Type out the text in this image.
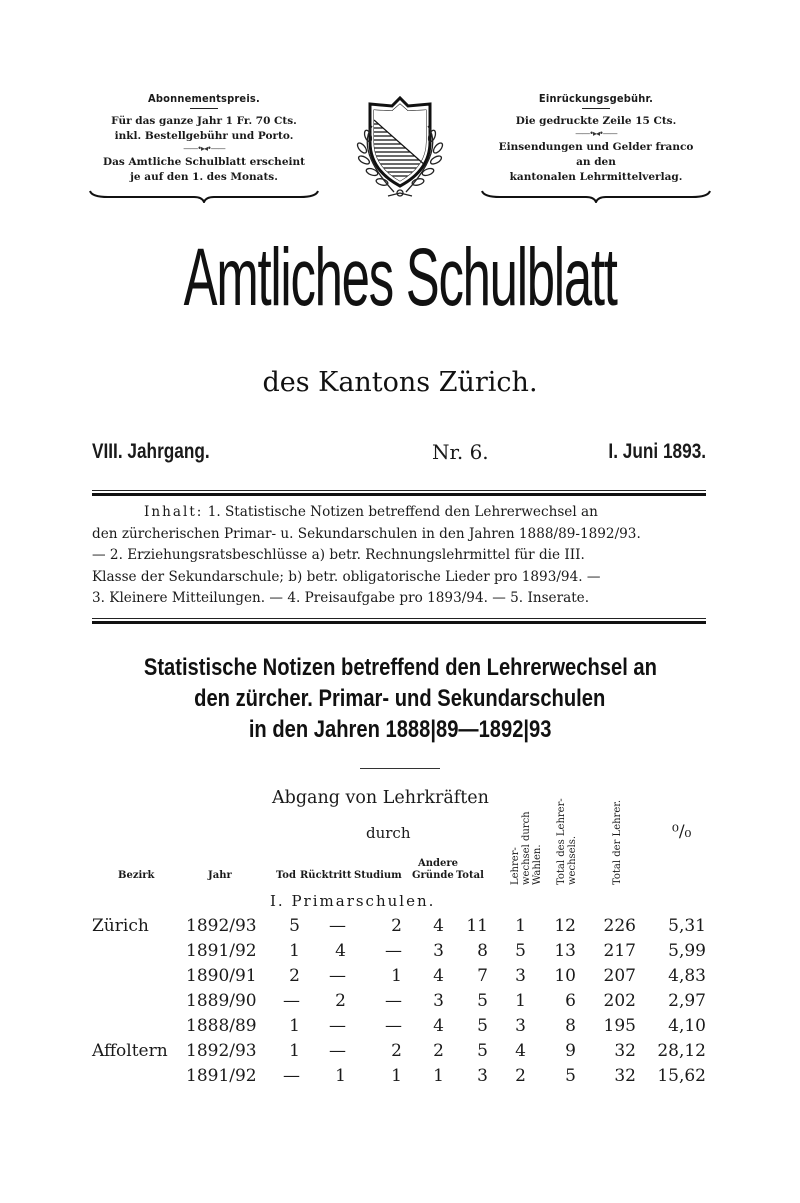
Abonnementspreis.
Für das ganze Jahr 1 Fr. 70 Cts.
inkl. Bestellgebühr und Porto.
——•▸◂•——
Das Amtliche Schulblatt erscheint
je auf den 1. des Monats.
Einrückungsgebühr.
Die gedruckte Zeile 15 Cts.
——•▸◂•——
Einsendungen und Gelder franco
an den
kantonalen Lehrmittelverlag.
Amtliches Schulblatt
des Kantons Zürich.
VIII. Jahrgang.	Nr. 6.	I. Juni 1893.
Inhalt: 1. Statistische Notizen betreffend den Lehrerwechsel an
den zürcherischen Primar- u. Sekundarschulen in den Jahren 1888/89-1892/93.
— 2. Erziehungsratsbeschlüsse a) betr. Rechnungslehrmittel für die III.
Klasse der Sekundarschule; b) betr. obligatorische Lieder pro 1893/94. —
3. Kleinere Mitteilungen. — 4. Preisaufgabe pro 1893/94. — 5. Inserate.
Statistische Notizen betreffend den Lehrerwechsel an
den zürcher. Primar- und Sekundarschulen
in den Jahren 1888|89—1892|93
Abgang von Lehrkräften
durch
Bezirk	Jahr	Tod Rücktritt Studium
Andere
Gründe Total	Lehrer- wechsel durch Wahlen. Total des Lehrer- wechsels.	Total der Lehrer.	⁰/₀
I. Primarschulen.
Zürich 1892/93	5	—	2	4	11	1	12	226	5,31
1891/92	1	4	—	3	8	5	13	217	5,99
1890/91	2	—	1	4	7	3	10	207	4,83
1889/90	—	2	—	3	5	1	6	202	2,97
1888/89	1	—	—	4	5	3	8	195	4,10
Affoltern 1892/93	1	—	2	2	5	4	9	32	28,12
1891/92	—	1	1	1	3	2	5	32	15,62
